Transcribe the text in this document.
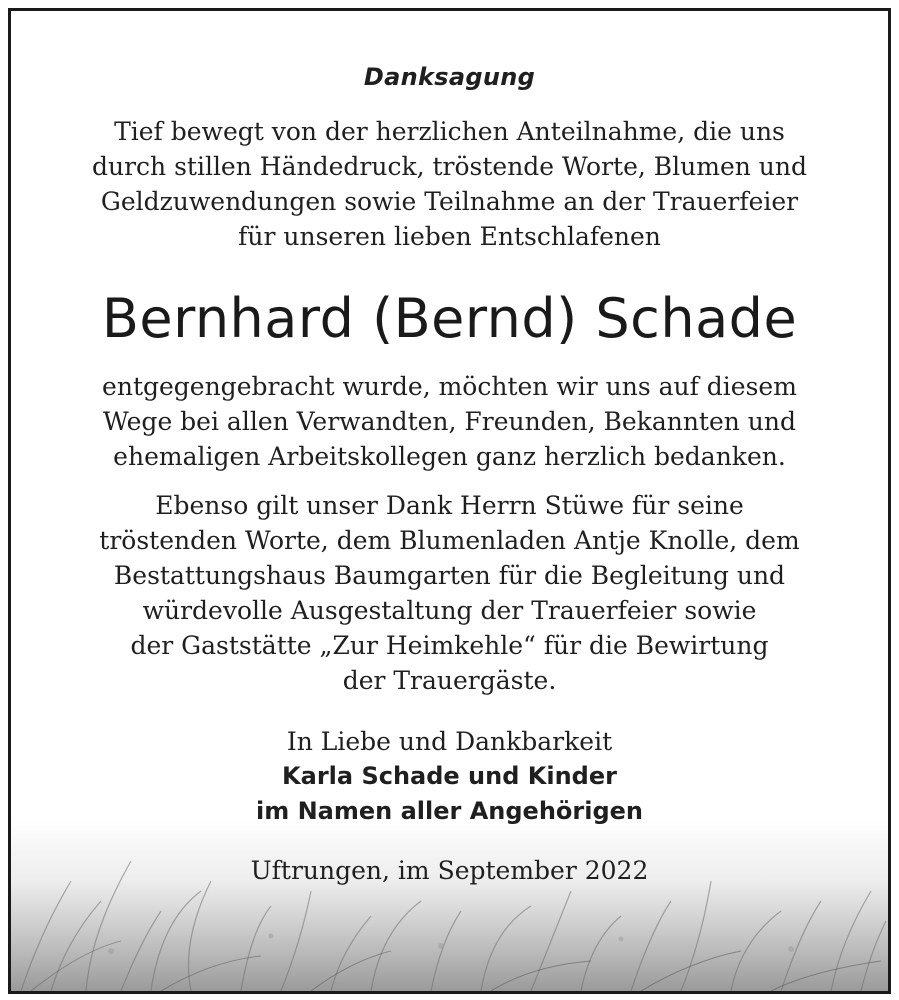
Danksagung
Tief bewegt von der herzlichen Anteilnahme, die uns
durch stillen Händedruck, tröstende Worte, Blumen und
Geldzuwendungen sowie Teilnahme an der Trauerfeier
für unseren lieben Entschlafenen
Bernhard (Bernd) Schade
entgegengebracht wurde, möchten wir uns auf diesem
Wege bei allen Verwandten, Freunden, Bekannten und
ehemaligen Arbeitskollegen ganz herzlich bedanken.
Ebenso gilt unser Dank Herrn Stüwe für seine
tröstenden Worte, dem Blumenladen Antje Knolle, dem
Bestattungshaus Baumgarten für die Begleitung und
würdevolle Ausgestaltung der Trauerfeier sowie
der Gaststätte „Zur Heimkehle“ für die Bewirtung
der Trauergäste.
In Liebe und Dankbarkeit
Karla Schade und Kinder
im Namen aller Angehörigen
Uftrungen, im September 2022
